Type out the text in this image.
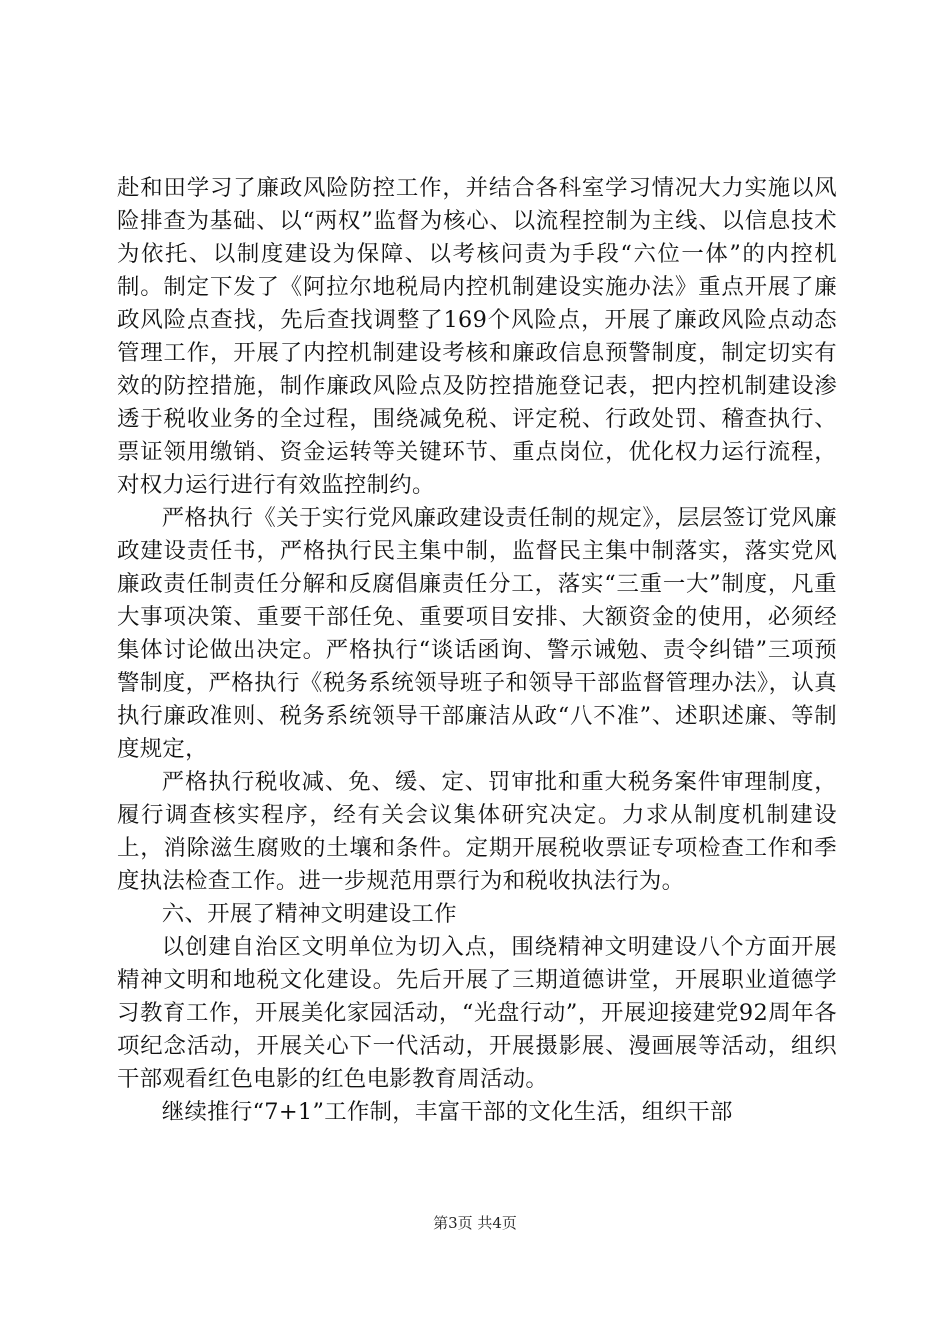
赴和田学习了廉政风险防控工作，并结合各科室学习情况大力实施以风险排查为基础、以“两权”监督为核心、以流程控制为主线、以信息技术为依托、以制度建设为保障、以考核问责为手段“六位一体”的内控机制。制定下发了《阿拉尔地税局内控机制建设实施办法》重点开展了廉政风险点查找，先后查找调整了169个风险点，开展了廉政风险点动态管理工作，开展了内控机制建设考核和廉政信息预警制度，制定切实有效的防控措施，制作廉政风险点及防控措施登记表，把内控机制建设渗透于税收业务的全过程，围绕减免税、评定税、行政处罚、稽查执行、票证领用缴销、资金运转等关键环节、重点岗位，优化权力运行流程，对权力运行进行有效监控制约。

严格执行《关于实行党风廉政建设责任制的规定》，层层签订党风廉政建设责任书，严格执行民主集中制，监督民主集中制落实，落实党风廉政责任制责任分解和反腐倡廉责任分工，落实“三重一大”制度，凡重大事项决策、重要干部任免、重要项目安排、大额资金的使用，必须经集体讨论做出决定。严格执行“谈话函询、警示诫勉、责令纠错”三项预警制度，严格执行《税务系统领导班子和领导干部监督管理办法》，认真执行廉政准则、税务系统领导干部廉洁从政“八不准”、述职述廉、等制度规定，

严格执行税收减、免、缓、定、罚审批和重大税务案件审理制度，履行调查核实程序，经有关会议集体研究决定。力求从制度机制建设上，消除滋生腐败的土壤和条件。定期开展税收票证专项检查工作和季度执法检查工作。进一步规范用票行为和税收执法行为。

六、开展了精神文明建设工作

以创建自治区文明单位为切入点，围绕精神文明建设八个方面开展精神文明和地税文化建设。先后开展了三期道德讲堂，开展职业道德学习教育工作，开展美化家园活动，“光盘行动”，开展迎接建党92周年各项纪念活动，开展关心下一代活动，开展摄影展、漫画展等活动，组织干部观看红色电影的红色电影教育周活动。

继续推行“7+1”工作制，丰富干部的文化生活，组织干部

第3页 共4页
